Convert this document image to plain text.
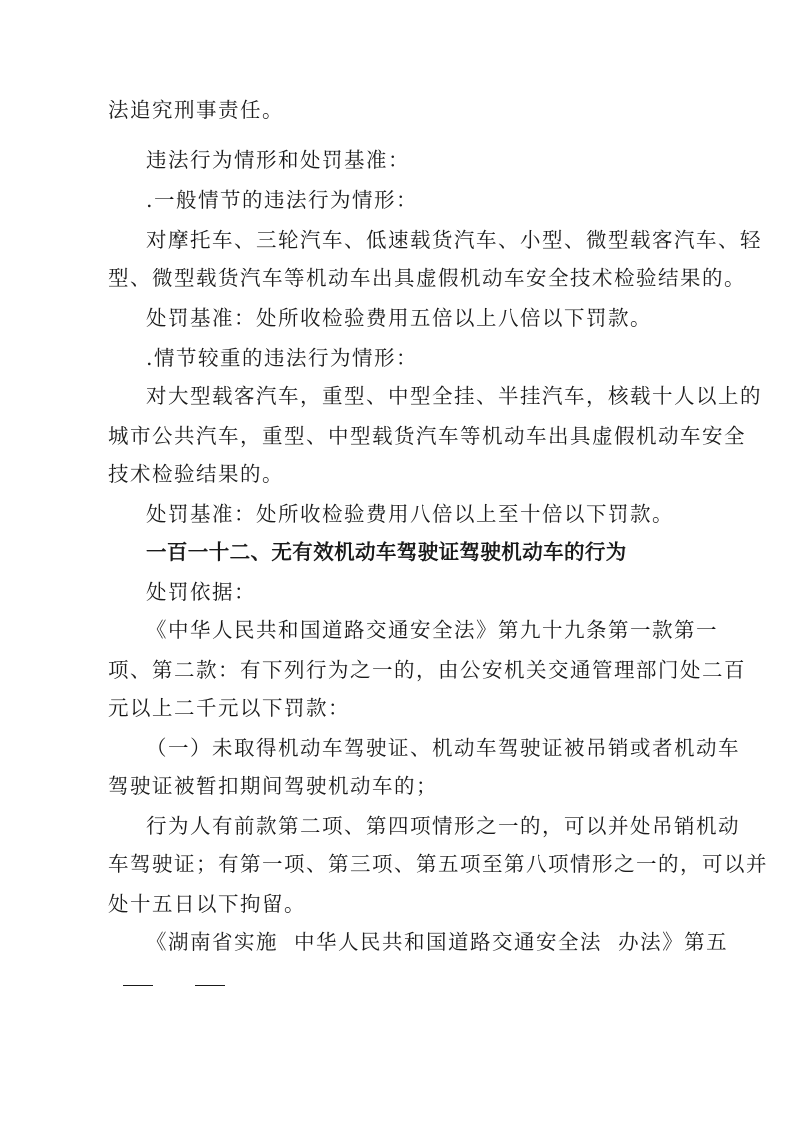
法追究刑事责任。
违法行为情形和处罚基准：
.一般情节的违法行为情形：
对摩托车、三轮汽车、低速载货汽车、小型、微型载客汽车、轻
型、微型载货汽车等机动车出具虚假机动车安全技术检验结果的。
处罚基准：处所收检验费用五倍以上八倍以下罚款。
.情节较重的违法行为情形：
对大型载客汽车，重型、中型全挂、半挂汽车，核载十人以上的
城市公共汽车，重型、中型载货汽车等机动车出具虚假机动车安全
技术检验结果的。
处罚基准：处所收检验费用八倍以上至十倍以下罚款。
一百一十二、无有效机动车驾驶证驾驶机动车的行为
处罚依据：
《中华人民共和国道路交通安全法》第九十九条第一款第一
项、第二款：有下列行为之一的，由公安机关交通管理部门处二百
元以上二千元以下罚款：
（一）未取得机动车驾驶证、机动车驾驶证被吊销或者机动车
驾驶证被暂扣期间驾驶机动车的；
行为人有前款第二项、第四项情形之一的，可以并处吊销机动
车驾驶证；有第一项、第三项、第五项至第八项情形之一的，可以并
处十五日以下拘留。
《湖南省实施  中华人民共和国道路交通安全法  办法》第五
